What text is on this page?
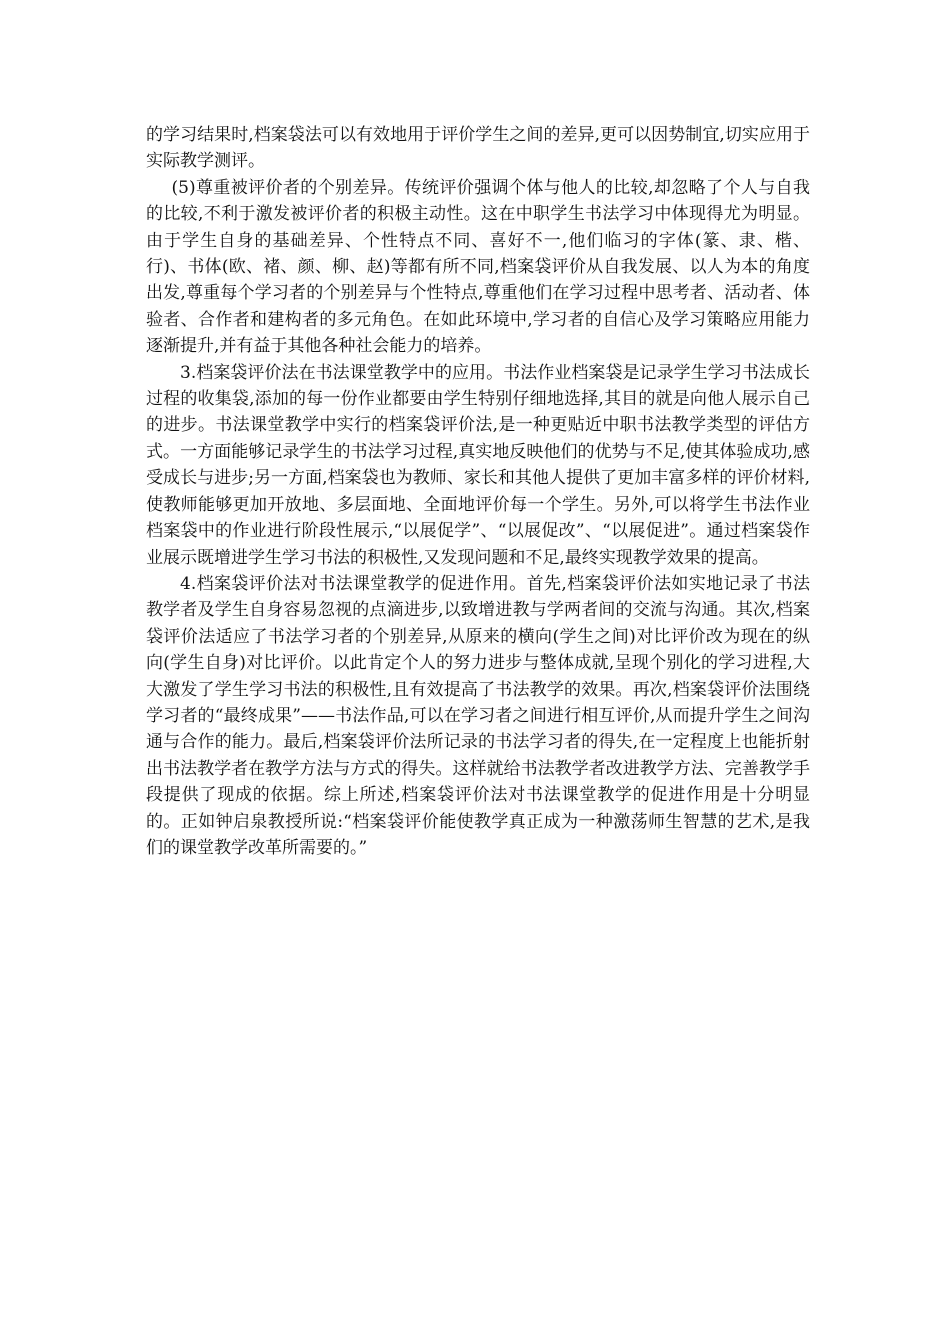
的学习结果时,档案袋法可以有效地用于评价学生之间的差异,更可以因势制宜,切实应用于实际教学测评。

(5)尊重被评价者的个别差异。传统评价强调个体与他人的比较,却忽略了个人与自我的比较,不利于激发被评价者的积极主动性。这在中职学生书法学习中体现得尤为明显。由于学生自身的基础差异、个性特点不同、喜好不一,他们临习的字体(篆、隶、楷、行)、书体(欧、褚、颜、柳、赵)等都有所不同,档案袋评价从自我发展、以人为本的角度出发,尊重每个学习者的个别差异与个性特点,尊重他们在学习过程中思考者、活动者、体验者、合作者和建构者的多元角色。在如此环境中,学习者的自信心及学习策略应用能力逐渐提升,并有益于其他各种社会能力的培养。

3.档案袋评价法在书法课堂教学中的应用。书法作业档案袋是记录学生学习书法成长过程的收集袋,添加的每一份作业都要由学生特别仔细地选择,其目的就是向他人展示自己的进步。书法课堂教学中实行的档案袋评价法,是一种更贴近中职书法教学类型的评估方式。一方面能够记录学生的书法学习过程,真实地反映他们的优势与不足,使其体验成功,感受成长与进步;另一方面,档案袋也为教师、家长和其他人提供了更加丰富多样的评价材料,使教师能够更加开放地、多层面地、全面地评价每一个学生。另外,可以将学生书法作业档案袋中的作业进行阶段性展示,“以展促学”、“以展促改”、“以展促进”。通过档案袋作业展示既增进学生学习书法的积极性,又发现问题和不足,最终实现教学效果的提高。

4.档案袋评价法对书法课堂教学的促进作用。首先,档案袋评价法如实地记录了书法教学者及学生自身容易忽视的点滴进步,以致增进教与学两者间的交流与沟通。其次,档案袋评价法适应了书法学习者的个别差异,从原来的横向(学生之间)对比评价改为现在的纵向(学生自身)对比评价。以此肯定个人的努力进步与整体成就,呈现个别化的学习进程,大大激发了学生学习书法的积极性,且有效提高了书法教学的效果。再次,档案袋评价法围绕学习者的“最终成果”——书法作品,可以在学习者之间进行相互评价,从而提升学生之间沟通与合作的能力。最后,档案袋评价法所记录的书法学习者的得失,在一定程度上也能折射出书法教学者在教学方法与方式的得失。这样就给书法教学者改进教学方法、完善教学手段提供了现成的依据。综上所述,档案袋评价法对书法课堂教学的促进作用是十分明显的。正如钟启泉教授所说:“档案袋评价能使教学真正成为一种激荡师生智慧的艺术,是我们的课堂教学改革所需要的。”
